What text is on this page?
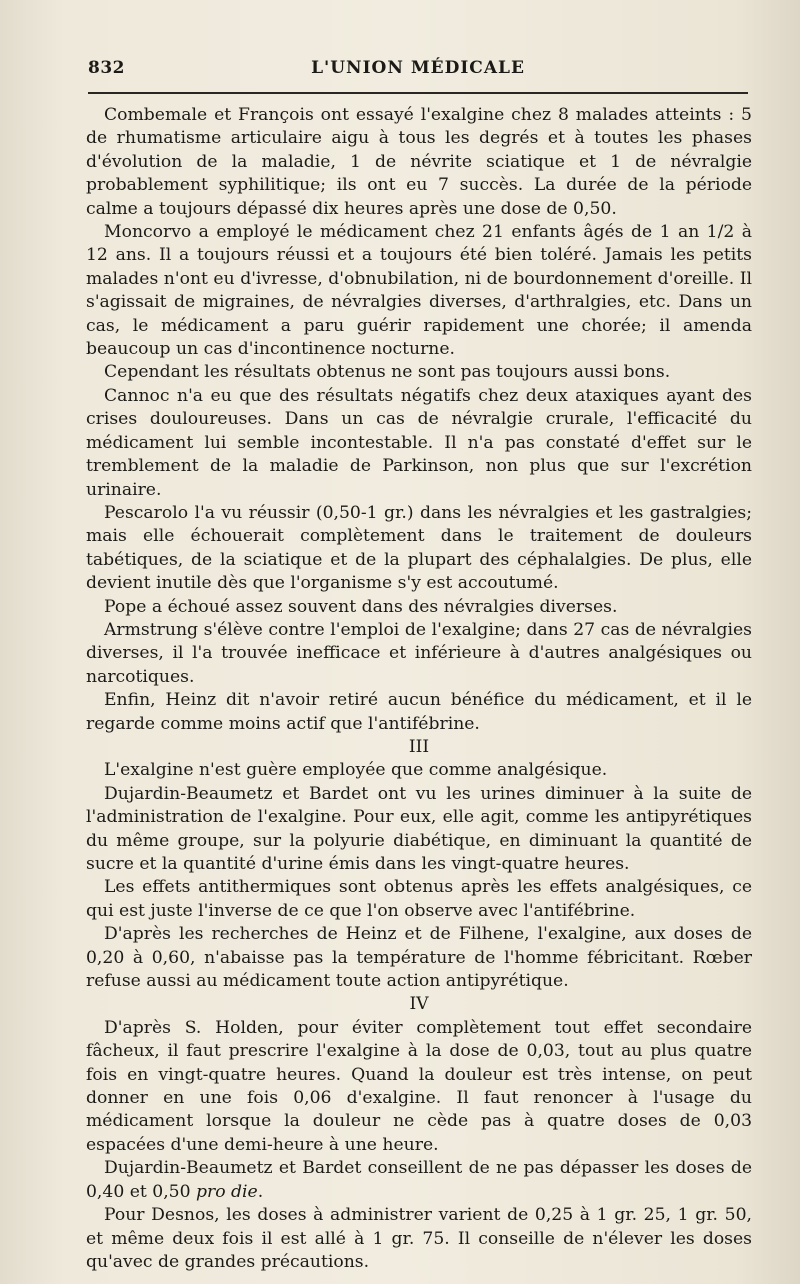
832	L'UNION MÉDICALE

Combemale et François ont essayé l'exalgine chez 8 malades atteints : 5 de rhumatisme articulaire aigu à tous les degrés et à toutes les phases d'évolution de la maladie, 1 de névrite sciatique et 1 de névralgie probablement syphilitique; ils ont eu 7 succès. La durée de la période calme a toujours dépassé dix heures après une dose de 0,50.

Moncorvo a employé le médicament chez 21 enfants âgés de 1 an 1/2 à 12 ans. Il a toujours réussi et a toujours été bien toléré. Jamais les petits malades n'ont eu d'ivresse, d'obnubilation, ni de bourdonnement d'oreille. Il s'agissait de migraines, de névralgies diverses, d'arthralgies, etc. Dans un cas, le médicament a paru guérir rapidement une chorée; il amenda beaucoup un cas d'incontinence nocturne.

Cependant les résultats obtenus ne sont pas toujours aussi bons.

Cannoc n'a eu que des résultats négatifs chez deux ataxiques ayant des crises douloureuses. Dans un cas de névralgie crurale, l'efficacité du médicament lui semble incontestable. Il n'a pas constaté d'effet sur le tremblement de la maladie de Parkinson, non plus que sur l'excrétion urinaire.

Pescarolo l'a vu réussir (0,50-1 gr.) dans les névralgies et les gastralgies; mais elle échouerait complètement dans le traitement de douleurs tabétiques, de la sciatique et de la plupart des céphalalgies. De plus, elle devient inutile dès que l'organisme s'y est accoutumé.

Pope a échoué assez souvent dans des névralgies diverses.

Armstrung s'élève contre l'emploi de l'exalgine; dans 27 cas de névralgies diverses, il l'a trouvée inefficace et inférieure à d'autres analgésiques ou narcotiques.

Enfin, Heinz dit n'avoir retiré aucun bénéfice du médicament, et il le regarde comme moins actif que l'antifébrine.

III

L'exalgine n'est guère employée que comme analgésique.

Dujardin-Beaumetz et Bardet ont vu les urines diminuer à la suite de l'administration de l'exalgine. Pour eux, elle agit, comme les antipyrétiques du même groupe, sur la polyurie diabétique, en diminuant la quantité de sucre et la quantité d'urine émis dans les vingt-quatre heures.

Les effets antithermiques sont obtenus après les effets analgésiques, ce qui est juste l'inverse de ce que l'on observe avec l'antifébrine.

D'après les recherches de Heinz et de Filhene, l'exalgine, aux doses de 0,20 à 0,60, n'abaisse pas la température de l'homme fébricitant. Rœber refuse aussi au médicament toute action antipyrétique.

IV

D'après S. Holden, pour éviter complètement tout effet secondaire fâcheux, il faut prescrire l'exalgine à la dose de 0,03, tout au plus quatre fois en vingt-quatre heures. Quand la douleur est très intense, on peut donner en une fois 0,06 d'exalgine. Il faut renoncer à l'usage du médicament lorsque la douleur ne cède pas à quatre doses de 0,03 espacées d'une demi-heure à une heure.

Dujardin-Beaumetz et Bardet conseillent de ne pas dépasser les doses de 0,40 et 0,50 pro die.

Pour Desnos, les doses à administrer varient de 0,25 à 1 gr. 25, 1 gr. 50, et même deux fois il est allé à 1 gr. 75. Il conseille de n'élever les doses qu'avec de grandes précautions.
